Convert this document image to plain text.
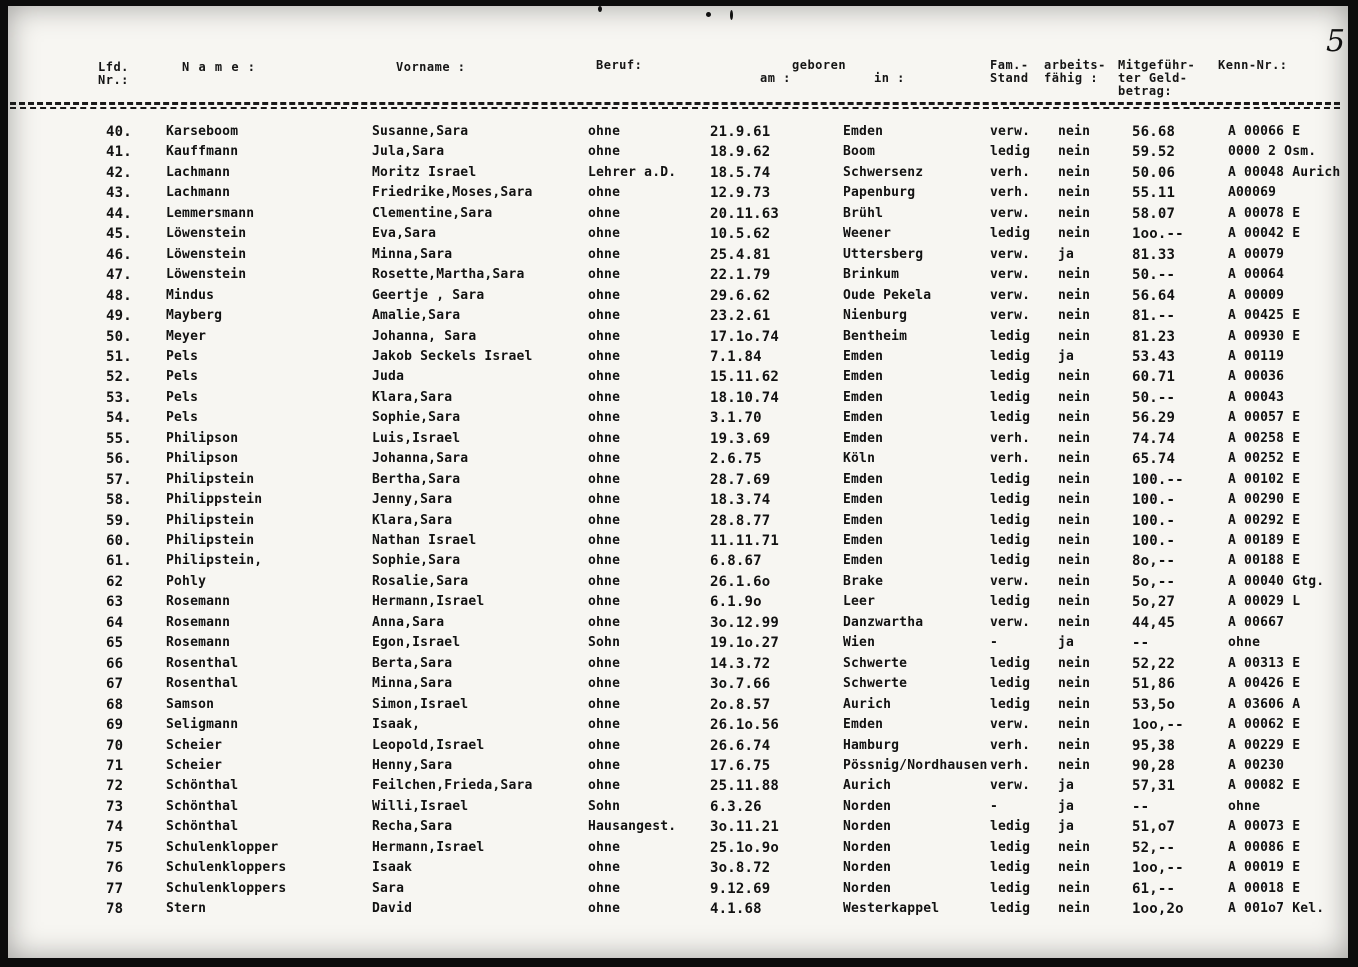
5
Lfd.
Nr.:
N a m e :	Vorname :	Beruf:	geboren
am :	in :
Fam.-
Stand
arbeits-
fähig :
Mitgeführ-
ter Geld-
betrag:
Kenn-Nr.:
40.	Karseboom	Susanne,Sara	ohne	21.9.61	Emden	verw. nein	56.68	A 00066 E
41.	Kauffmann	Jula,Sara	ohne	18.9.62	Boom	ledig nein	59.52	0000 2 Osm.
42.	Lachmann	Moritz Israel	Lehrer a.D. 18.5.74	Schwersenz	verh. nein	50.06	A 00048 Aurich
43.	Lachmann	Friedrike,Moses,Sara	ohne	12.9.73	Papenburg	verh. nein	55.11	A00069
44.	Lemmersmann	Clementine,Sara	ohne	20.11.63	Brühl	verw. nein	58.07	A 00078 E
45.	Löwenstein	Eva,Sara	ohne	10.5.62	Weener	ledig nein	1oo.--	A 00042 E
46.	Löwenstein	Minna,Sara	ohne	25.4.81	Uttersberg	verw. ja	81.33	A 00079
47.	Löwenstein	Rosette,Martha,Sara	ohne	22.1.79	Brinkum	verw. nein	50.--	A 00064
48.	Mindus	Geertje , Sara	ohne	29.6.62	Oude Pekela	verw. nein	56.64	A 00009
49.	Mayberg	Amalie,Sara	ohne	23.2.61	Nienburg	verw. nein	81.--	A 00425 E
50.	Meyer	Johanna, Sara	ohne	17.1o.74	Bentheim	ledig nein	81.23	A 00930 E
51.	Pels	Jakob Seckels Israel	ohne	7.1.84	Emden	ledig ja	53.43	A 00119
52.	Pels	Juda	ohne	15.11.62	Emden	ledig nein	60.71	A 00036
53.	Pels	Klara,Sara	ohne	18.10.74	Emden	ledig nein	50.--	A 00043
54.	Pels	Sophie,Sara	ohne	3.1.70	Emden	ledig nein	56.29	A 00057 E
55.	Philipson	Luis,Israel	ohne	19.3.69	Emden	verh. nein	74.74	A 00258 E
56.	Philipson	Johanna,Sara	ohne	2.6.75	Köln	verh. nein	65.74	A 00252 E
57.	Philipstein	Bertha,Sara	ohne	28.7.69	Emden	ledig nein	100.--	A 00102 E
58.	Philippstein	Jenny,Sara	ohne	18.3.74	Emden	ledig nein	100.-	A 00290 E
59.	Philipstein	Klara,Sara	ohne	28.8.77	Emden	ledig nein	100.-	A 00292 E
60.	Philipstein	Nathan Israel	ohne	11.11.71	Emden	ledig nein	100.-	A 00189 E
61.	Philipstein,	Sophie,Sara	ohne	6.8.67	Emden	ledig nein	8o,--	A 00188 E
62	Pohly	Rosalie,Sara	ohne	26.1.6o	Brake	verw. nein	5o,--	A 00040 Gtg.
63	Rosemann	Hermann,Israel	ohne	6.1.9o	Leer	ledig nein	5o,27	A 00029 L
64	Rosemann	Anna,Sara	ohne	3o.12.99	Danzwartha	verw. nein	44,45	A 00667
65	Rosemann	Egon,Israel	Sohn	19.1o.27	Wien	-	ja	--	ohne
66	Rosenthal	Berta,Sara	ohne	14.3.72	Schwerte	ledig nein	52,22	A 00313 E
67	Rosenthal	Minna,Sara	ohne	3o.7.66	Schwerte	ledig nein	51,86	A 00426 E
68	Samson	Simon,Israel	ohne	2o.8.57	Aurich	ledig nein	53,5o	A 03606 A
69	Seligmann	Isaak,	ohne	26.1o.56	Emden	verw. nein	1oo,--	A 00062 E
70	Scheier	Leopold,Israel	ohne	26.6.74	Hamburg	verh. nein	95,38	A 00229 E
71	Scheier	Henny,Sara	ohne	17.6.75	Pössnig/Nordhausen verh. nein	90,28	A 00230
72	Schönthal	Feilchen,Frieda,Sara	ohne	25.11.88	Aurich	verw. ja	57,31	A 00082 E
73	Schönthal	Willi,Israel	Sohn	6.3.26	Norden	-	ja	--	ohne
74	Schönthal	Recha,Sara	Hausangest. 3o.11.21	Norden	ledig ja	51,o7	A 00073 E
75	Schulenklopper	Hermann,Israel	ohne	25.1o.9o	Norden	ledig nein	52,--	A 00086 E
76	Schulenkloppers	Isaak	ohne	3o.8.72	Norden	ledig nein	1oo,--	A 00019 E
77	Schulenkloppers	Sara	ohne	9.12.69	Norden	ledig nein	61,--	A 00018 E
78	Stern	David	ohne	4.1.68	Westerkappel	ledig nein	1oo,2o	A 001o7 Kel.
